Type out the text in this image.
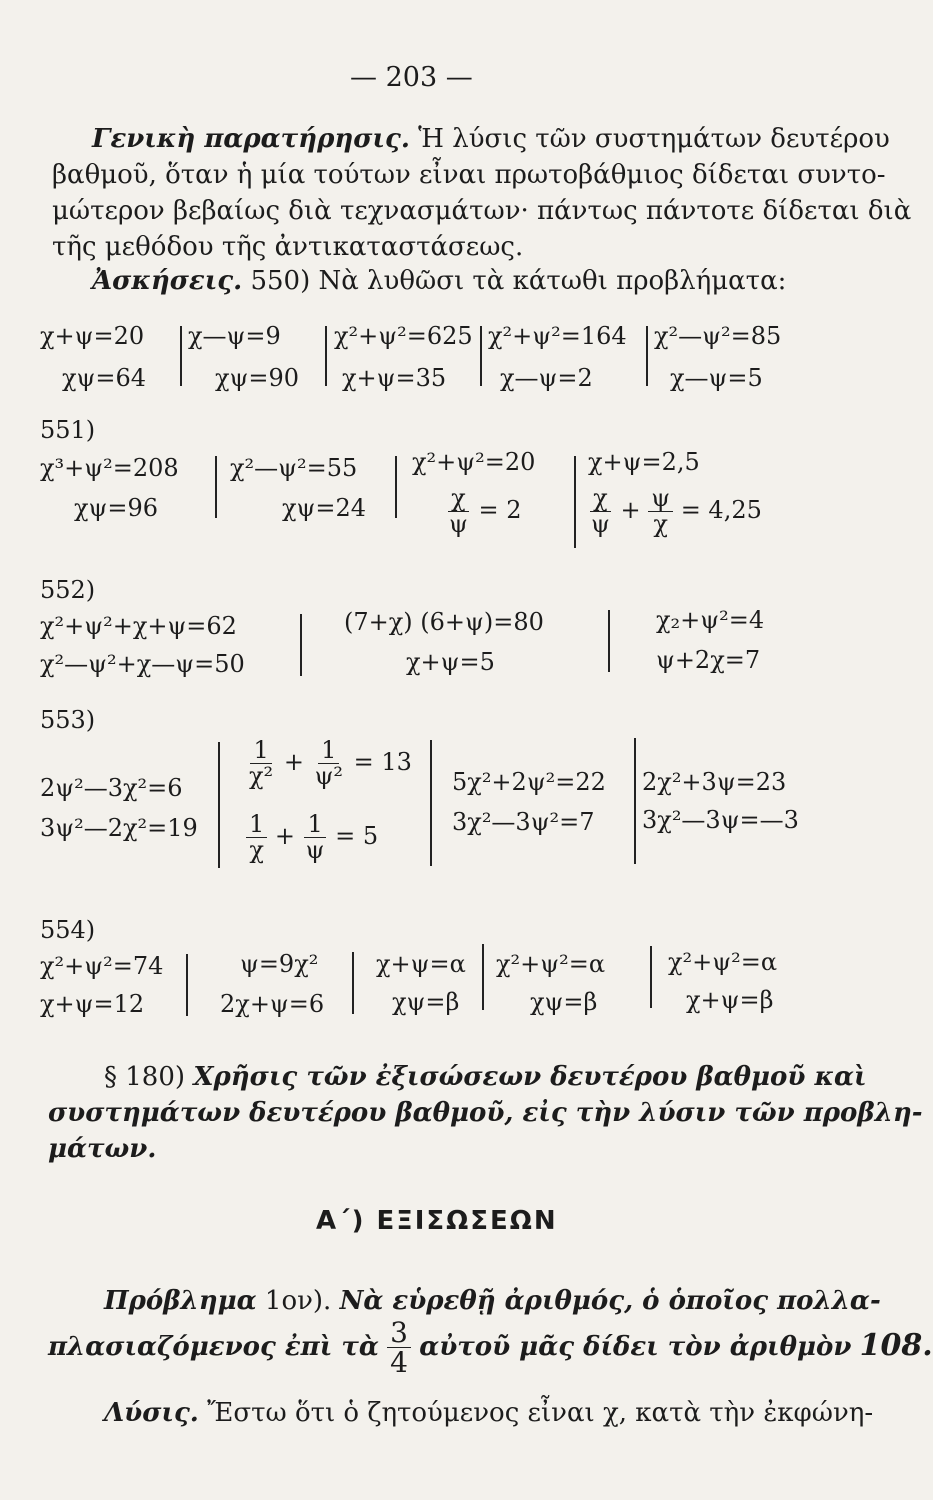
— 203 —
Γενικὴ παρατήρησις. Ἡ λύσις τῶν συστημάτων δευτέρου
βαθμοῦ, ὅταν ἡ μία τούτων εἶναι πρωτοβάθμιος δίδεται συντο-
μώτερον βεβαίως διὰ τεχνασμάτων· πάντως πάντοτε δίδεται διὰ
τῆς μεθόδου τῆς ἀντικαταστάσεως.
Ἀσκήσεις. 550) Νὰ λυθῶσι τὰ κάτωθι προβλήματα:
χ+ψ=20
χψ=64
χ—ψ=9
χψ=90
χ²+ψ²=625
χ+ψ=35
χ²+ψ²=164
χ—ψ=2
χ²—ψ²=85
χ—ψ=5
551)
χ³+ψ²=208
χψ=96
χ²—ψ²=55
χψ=24
χ²+ψ²=20
$\frac{\chi}{\psi} = 2$
χ+ψ=2,5
$\frac{\chi}{\psi} + \frac{\psi}{\chi} = 4,25$
552)
χ²+ψ²+χ+ψ=62
χ²—ψ²+χ—ψ=50
(7+χ) (6+ψ)=80
χ+ψ=5
χ₂+ψ²=4
ψ+2χ=7
553)
2ψ²—3χ²=6
3ψ²—2χ²=19
$\frac{1}{\text{χ²}} + \frac{1}{\text{ψ²}} = 13$
$\frac{1}{\chi} + \frac{1}{\psi} = 5$
5χ²+2ψ²=22
3χ²—3ψ²=7
2χ²+3ψ=23
3χ²—3ψ=—3
554)
χ²+ψ²=74
χ+ψ=12
ψ=9χ²
2χ+ψ=6
χ+ψ=α
χψ=β
χ²+ψ²=α
χψ=β
χ²+ψ²=α
χ+ψ=β
§ 180) Χρῆσις τῶν ἐξισώσεων δευτέρου βαθμοῦ καὶ
συστημάτων δευτέρου βαθμοῦ, εἰς τὴν λύσιν τῶν προβλη-
μάτων.
Α΄) ΕΞΙΣΩΣΕΩΝ
Πρόβλημα 1ον). Νὰ εὑρεθῇ ἀριθμός, ὁ ὁποῖος πολλα-
πλασιαζόμενος ἐπὶ τὰ $\frac{3}{4}$ αὐτοῦ μᾶς δίδει τὸν ἀριθμὸν 108.
Λύσις. Ἔστω ὅτι ὁ ζητούμενος εἶναι χ, κατὰ τὴν ἐκφώνη-
